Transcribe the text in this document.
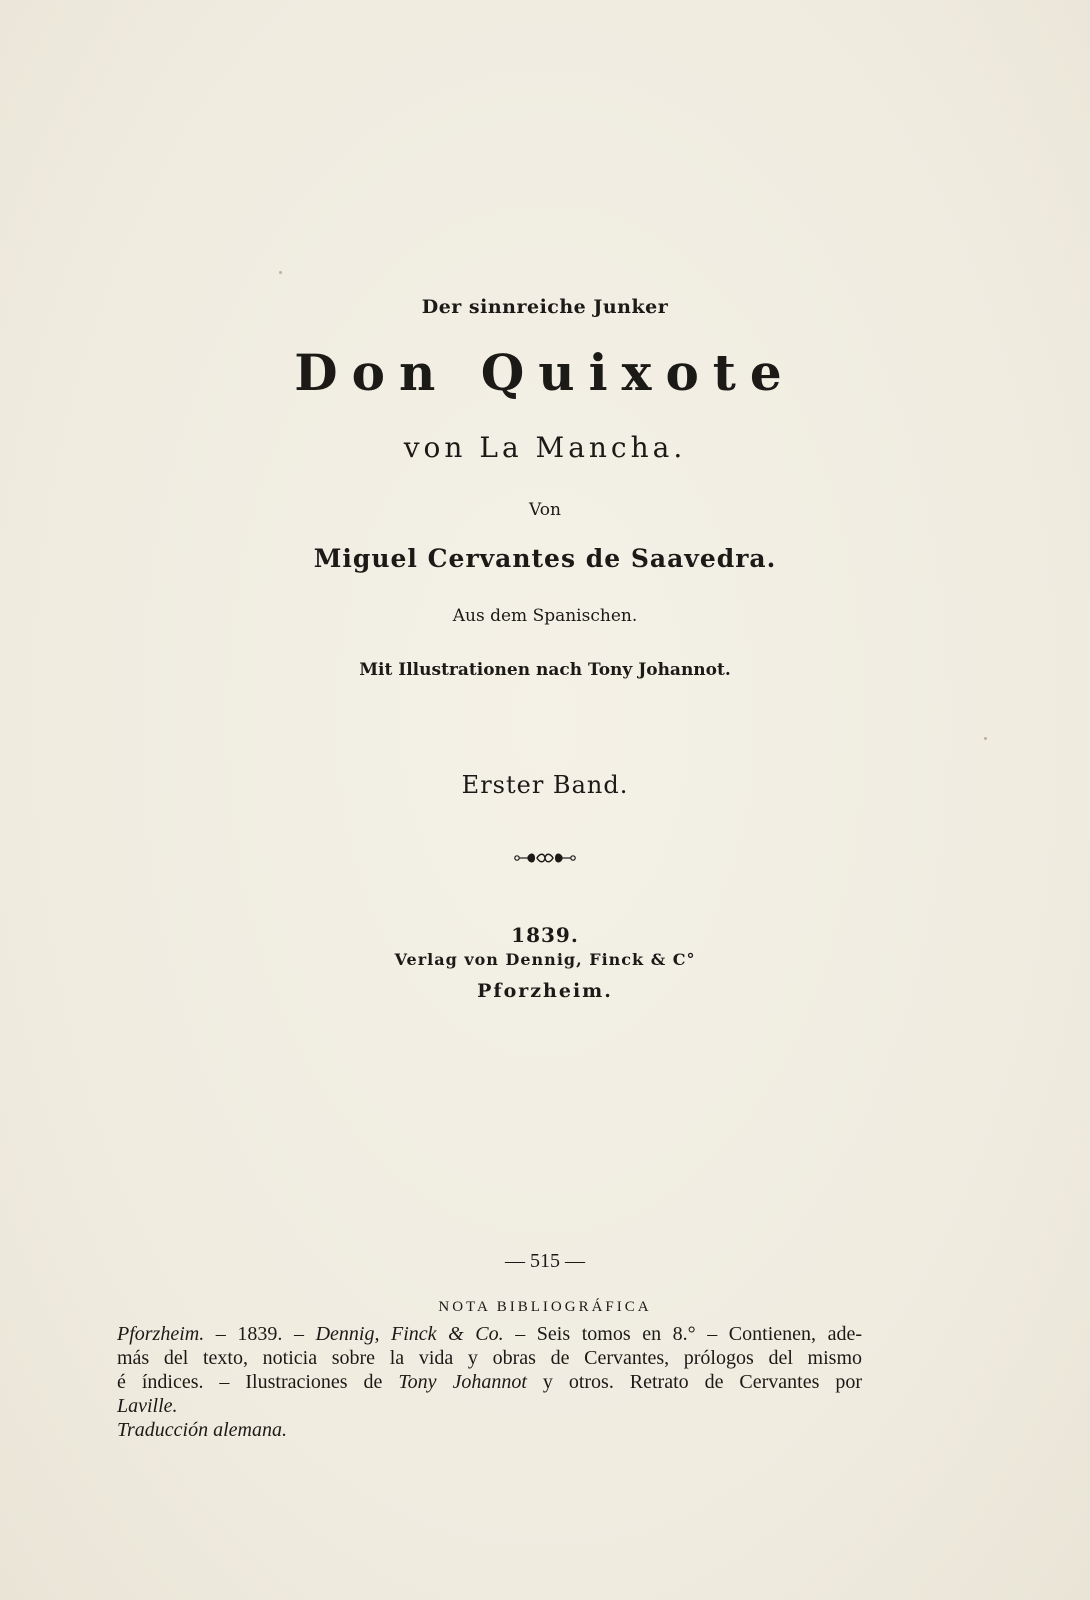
Der sinnreiche Junker
Don Quixote
von La Mancha.
Von
Miguel Cervantes de Saavedra.
Aus dem Spanischen.
Mit Illustrationen nach Tony Johannot.
Erster Band.
1839.
Verlag von Dennig, Finck & C°
Pforzheim.
— 515 —
NOTA BIBLIOGRÁFICA
Pforzheim. – 1839. – Dennig, Finck & Co. – Seis tomos en 8.° – Contienen, ade-
más del texto, noticia sobre la vida y obras de Cervantes, prólogos del mismo
é índices. – Ilustraciones de Tony Johannot y otros. Retrato de Cervantes por
Laville.
Traducción alemana.
